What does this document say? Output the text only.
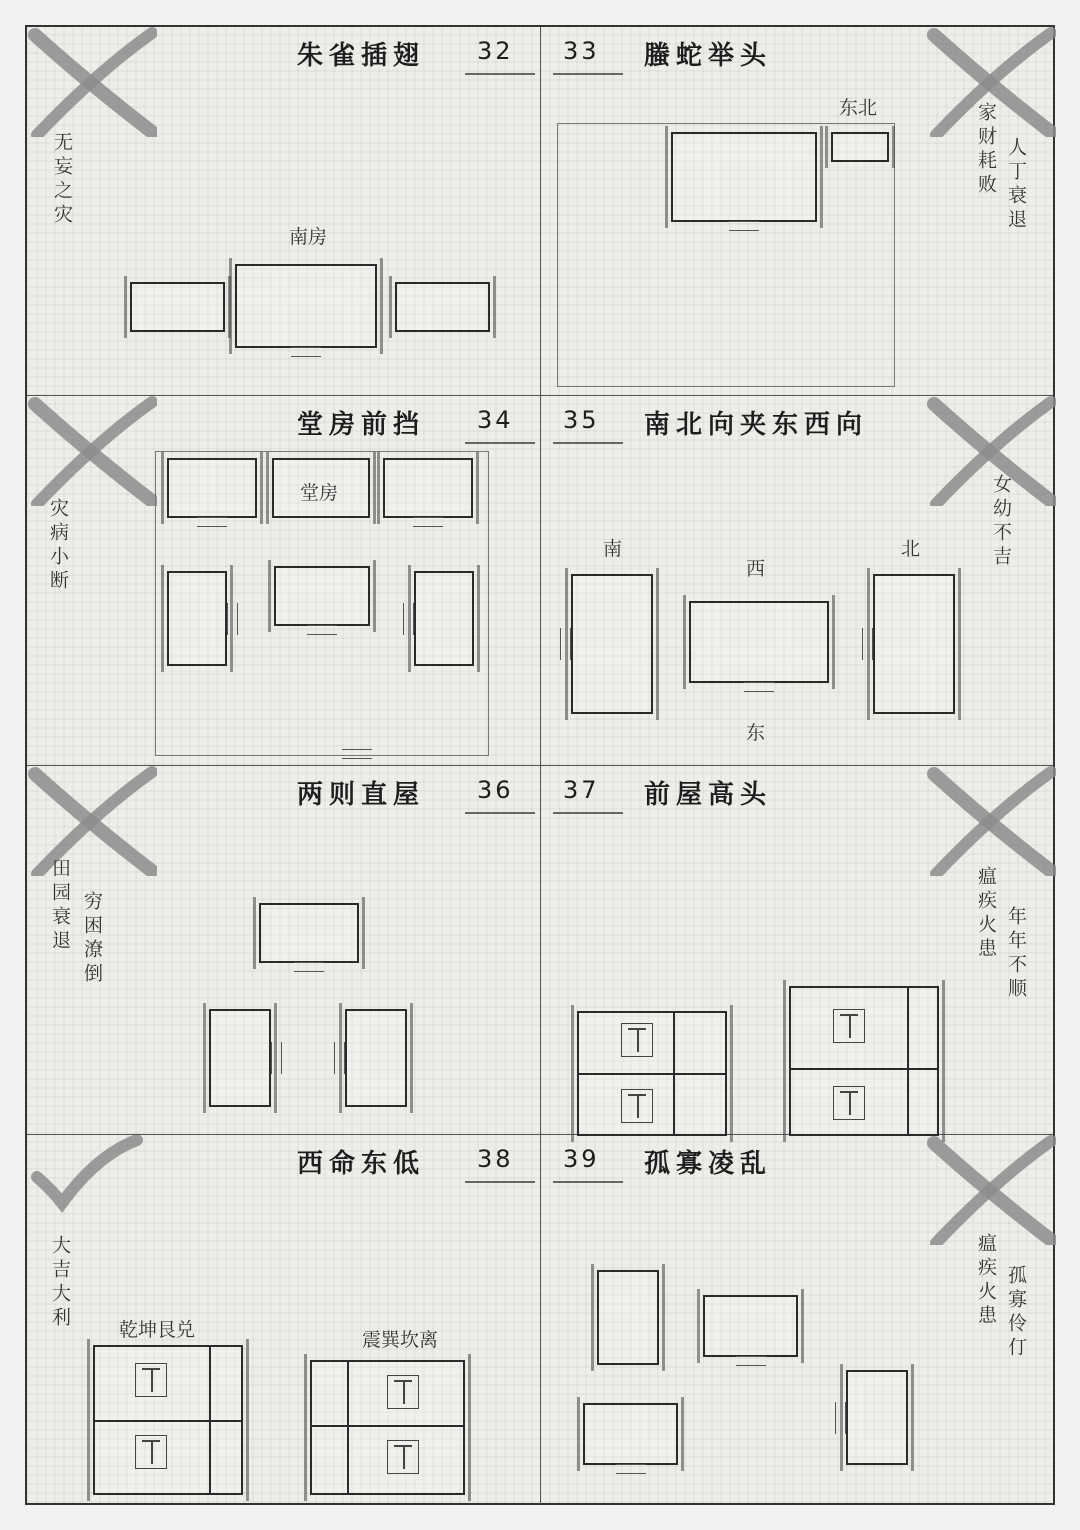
朱雀插翅 32
无妄之灾
南房
33 螣蛇举头
家财耗败 人丁衰退
东北
堂房前挡 34
灾病小断
堂房
35 南北向夹东西向
女幼不吉
南
西
北
东
两则直屋 36
田园衰退 穷困潦倒
37 前屋高头
瘟疾火患 年年不顺
西命东低 38
大吉大利	乾坤艮兑	震巽坎离
39 孤寡凌乱
瘟疾火患 孤寡伶仃
